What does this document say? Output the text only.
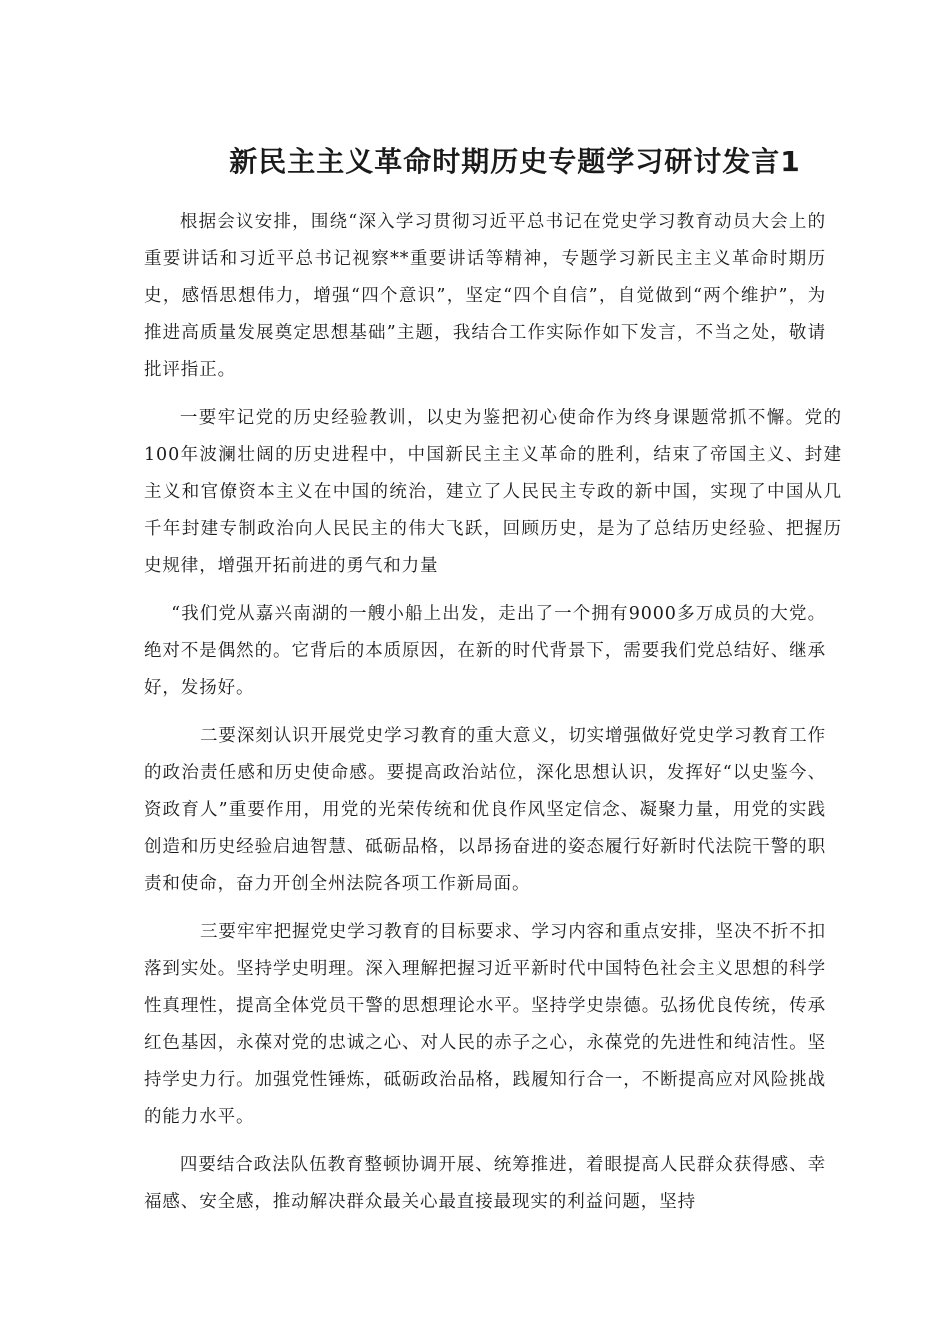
新民主主义革命时期历史专题学习研讨发言1

根据会议安排，围绕“深入学习贯彻习近平总书记在党史学习教育动员大会上的重要讲话和习近平总书记视察**重要讲话等精神，专题学习新民主主义革命时期历史，感悟思想伟力，增强“四个意识”，坚定“四个自信”，自觉做到“两个维护”，为推进高质量发展奠定思想基础”主题，我结合工作实际作如下发言，不当之处，敬请批评指正。

一要牢记党的历史经验教训，以史为鉴把初心使命作为终身课题常抓不懈。党的100年波澜壮阔的历史进程中，中国新民主主义革命的胜利，结束了帝国主义、封建主义和官僚资本主义在中国的统治，建立了人民民主专政的新中国，实现了中国从几千年封建专制政治向人民民主的伟大飞跃，回顾历史，是为了总结历史经验、把握历史规律，增强开拓前进的勇气和力量

“我们党从嘉兴南湖的一艘小船上出发，走出了一个拥有9000多万成员的大党。绝对不是偶然的。它背后的本质原因，在新的时代背景下，需要我们党总结好、继承好，发扬好。

二要深刻认识开展党史学习教育的重大意义，切实增强做好党史学习教育工作的政治责任感和历史使命感。要提高政治站位，深化思想认识，发挥好“以史鉴今、资政育人”重要作用，用党的光荣传统和优良作风坚定信念、凝聚力量，用党的实践创造和历史经验启迪智慧、砥砺品格，以昂扬奋进的姿态履行好新时代法院干警的职责和使命，奋力开创全州法院各项工作新局面。

三要牢牢把握党史学习教育的目标要求、学习内容和重点安排，坚决不折不扣落到实处。坚持学史明理。深入理解把握习近平新时代中国特色社会主义思想的科学性真理性，提高全体党员干警的思想理论水平。坚持学史崇德。弘扬优良传统，传承红色基因，永葆对党的忠诚之心、对人民的赤子之心，永葆党的先进性和纯洁性。坚持学史力行。加强党性锤炼，砥砺政治品格，践履知行合一，不断提高应对风险挑战的能力水平。

四要结合政法队伍教育整顿协调开展、统筹推进，着眼提高人民群众获得感、幸福感、安全感，推动解决群众最关心最直接最现实的利益问题，坚持
